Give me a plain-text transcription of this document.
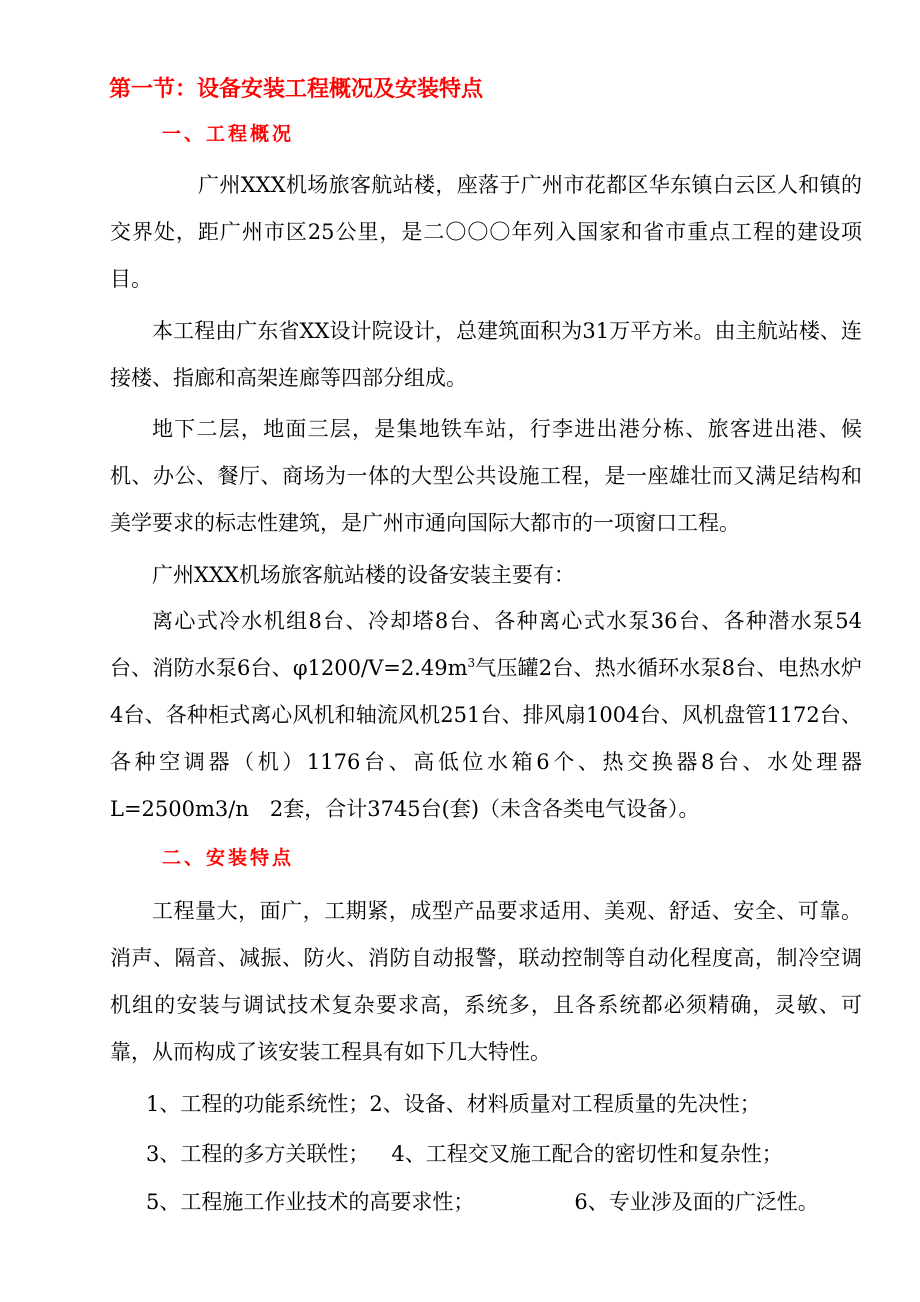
第一节：设备安装工程概况及安装特点
一、工程概况

广州XXX机场旅客航站楼，座落于广州市花都区华东镇白云区人和镇的交界处，距广州市区25公里，是二〇〇〇年列入国家和省市重点工程的建设项目。

本工程由广东省XX设计院设计，总建筑面积为31万平方米。由主航站楼、连接楼、指廊和高架连廊等四部分组成。

地下二层，地面三层，是集地铁车站，行李进出港分栋、旅客进出港、候机、办公、餐厅、商场为一体的大型公共设施工程，是一座雄壮而又满足结构和美学要求的标志性建筑，是广州市通向国际大都市的一项窗口工程。

广州XXX机场旅客航站楼的设备安装主要有：

离心式冷水机组8台、冷却塔8台、各种离心式水泵36台、各种潜水泵54台、消防水泵6台、$\varphi 1200/V=2.49m^3$气压罐2台、热水循环水泵8台、电热水炉4台、各种柜式离心风机和轴流风机251台、排风扇1004台、风机盘管1172台、各种空调器（机）1176台、高低位水箱6个、热交换器8台、水处理器L=2500m3/n　2套，合计3745台(套)（未含各类电气设备）。

二、安装特点

工程量大，面广，工期紧，成型产品要求适用、美观、舒适、安全、可靠。消声、隔音、减振、防火、消防自动报警，联动控制等自动化程度高，制冷空调机组的安装与调试技术复杂要求高，系统多，且各系统都必须精确，灵敏、可靠，从而构成了该安装工程具有如下几大特性。

1、工程的功能系统性；2、设备、材料质量对工程质量的先决性；
3、工程的多方关联性； 4、工程交叉施工配合的密切性和复杂性；
5、工程施工作业技术的高要求性；	6、专业涉及面的广泛性。
